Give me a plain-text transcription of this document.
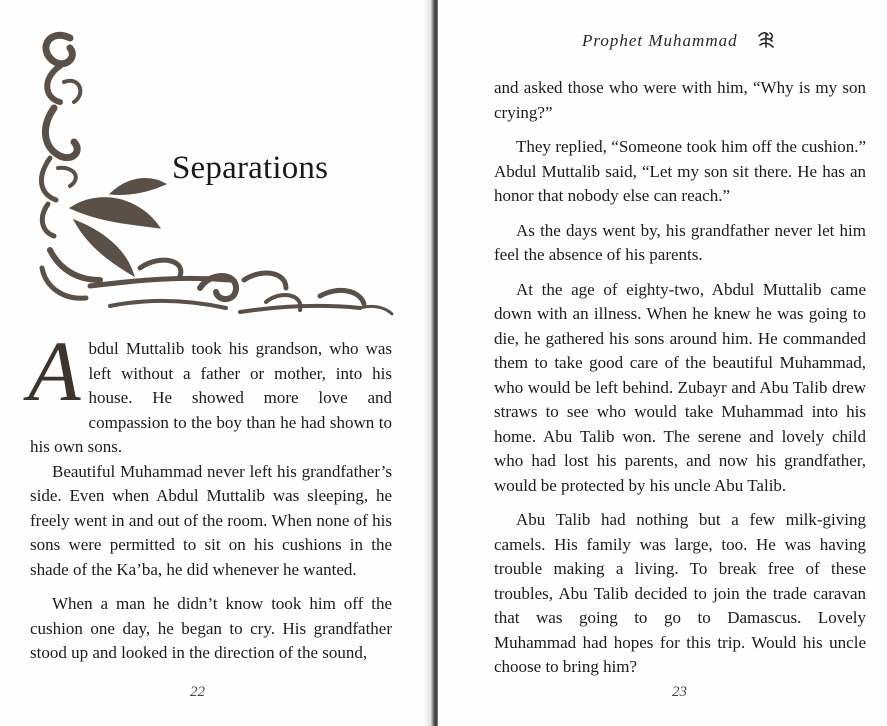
Separations

Abdul Muttalib took his grandson, who was left without a father or mother, into his house. He showed more love and compassion to the boy than he had shown to his own sons.

Beautiful Muhammad never left his grandfather’s side. Even when Abdul Muttalib was sleeping, he freely went in and out of the room. When none of his sons were permitted to sit on his cushions in the shade of the Ka’ba, he did whenever he wanted.

When a man he didn’t know took him off the cushion one day, he began to cry. His grandfather stood up and looked in the direction of the sound,

22
Prophet Muhammad

and asked those who were with him, “Why is my son crying?”

They replied, “Someone took him off the cushion.” Abdul Muttalib said, “Let my son sit there. He has an honor that nobody else can reach.”

As the days went by, his grandfather never let him feel the absence of his parents.

At the age of eighty-two, Abdul Muttalib came down with an illness. When he knew he was going to die, he gathered his sons around him. He commanded them to take good care of the beautiful Muhammad, who would be left behind. Zubayr and Abu Talib drew straws to see who would take Muhammad into his home. Abu Talib won. The serene and lovely child who had lost his parents, and now his grandfather, would be protected by his uncle Abu Talib.

Abu Talib had nothing but a few milk-giving camels. His family was large, too. He was having trouble making a living. To break free of these troubles, Abu Talib decided to join the trade caravan that was going to go to Damascus. Lovely Muhammad had hopes for this trip. Would his uncle choose to bring him?

23
